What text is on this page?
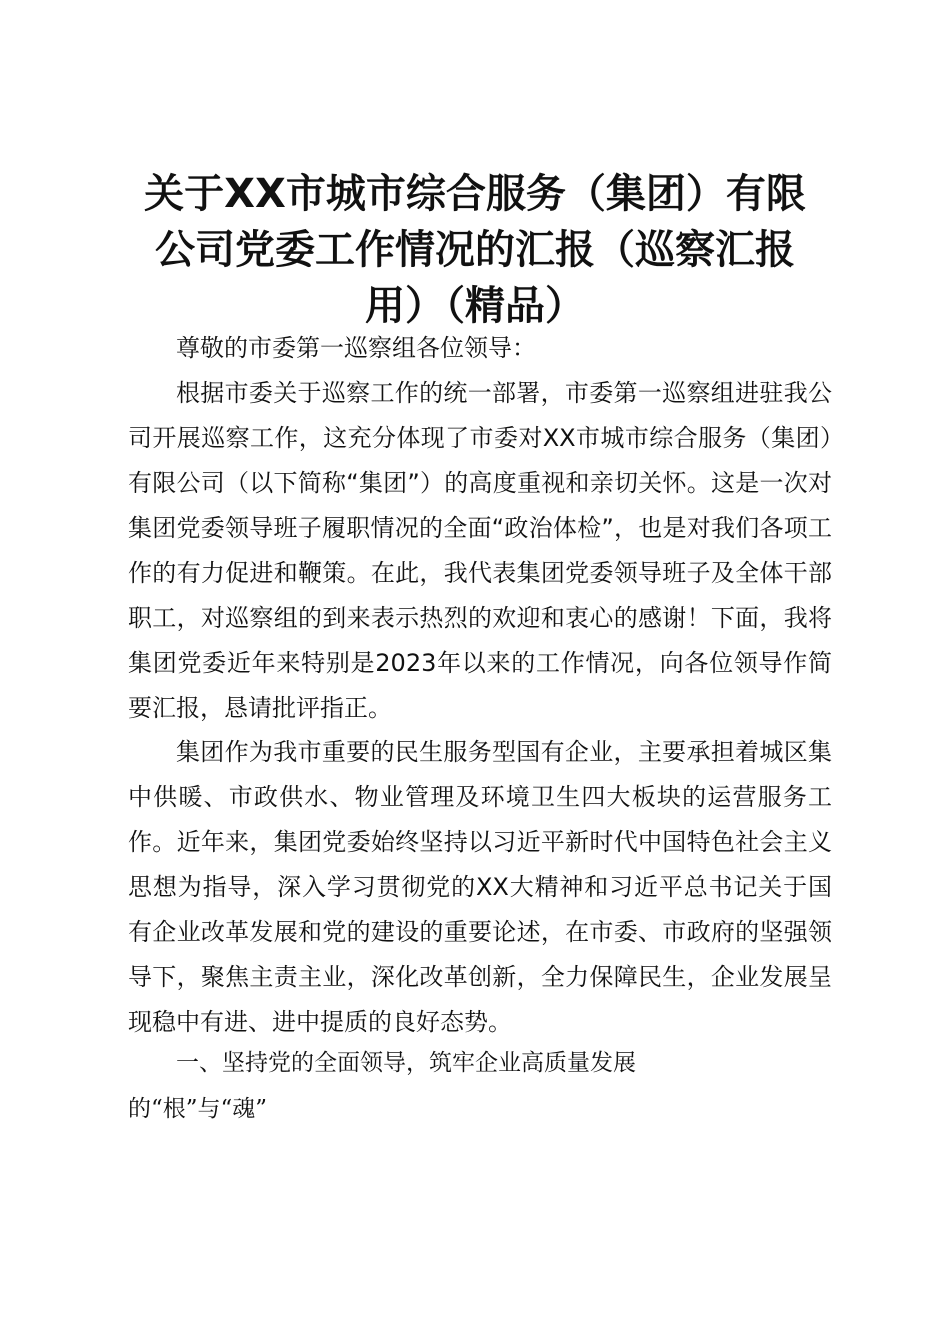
关于XX市城市综合服务（集团）有限公司党委工作情况的汇报（巡察汇报用）（精品）

尊敬的市委第一巡察组各位领导：

根据市委关于巡察工作的统一部署，市委第一巡察组进驻我公司开展巡察工作，这充分体现了市委对XX市城市综合服务（集团）有限公司（以下简称“集团”）的高度重视和亲切关怀。这是一次对集团党委领导班子履职情况的全面“政治体检”，也是对我们各项工作的有力促进和鞭策。在此，我代表集团党委领导班子及全体干部职工，对巡察组的到来表示热烈的欢迎和衷心的感谢！下面，我将集团党委近年来特别是2023年以来的工作情况，向各位领导作简要汇报，恳请批评指正。

集团作为我市重要的民生服务型国有企业，主要承担着城区集中供暖、市政供水、物业管理及环境卫生四大板块的运营服务工作。近年来，集团党委始终坚持以习近平新时代中国特色社会主义思想为指导，深入学习贯彻党的XX大精神和习近平总书记关于国有企业改革发展和党的建设的重要论述，在市委、市政府的坚强领导下，聚焦主责主业，深化改革创新，全力保障民生，企业发展呈现稳中有进、进中提质的良好态势。

一、坚持党的全面领导，筑牢企业高质量发展
的“根”与“魂”
